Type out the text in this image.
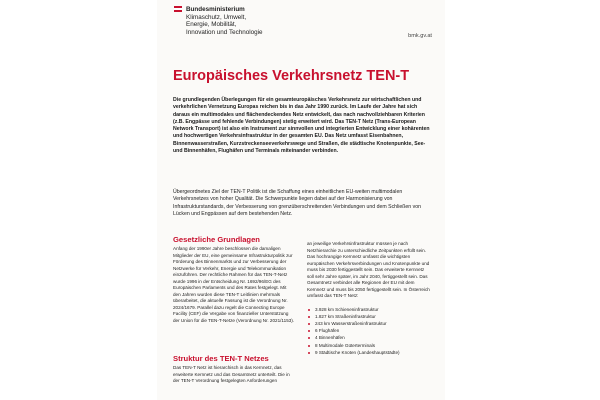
Bundesministerium
Klimaschutz, Umwelt,
Energie, Mobilität,
Innovation und Technologie
bmk.gv.at
Europäisches Verkehrsnetz TEN-T

Die grundlegenden Überlegungen für ein gesamteuropäisches Verkehrsnetz zur wirtschaftlichen und verkehrlichen Vernetzung Europas reichen bis in das Jahr 1990 zurück. Im Laufe der Jahre hat sich daraus ein multimodales und flächendeckendes Netz entwickelt, das nach nachvollziehbaren Kriterien (z.B. Engpässe und fehlende Verbindungen) stetig erweitert wird. Das TEN-T Netz (Trans-European Network Transport) ist also ein Instrument zur sinnvollen und integrierten Entwicklung einer kohärenten und hochwertigen Verkehrsinfrastruktur in der gesamten EU. Das Netz umfasst Eisenbahnen, Binnenwasserstraßen, Kurzstreckenseeverkehrswege und Straßen, die städtische Knotenpunkte, See- und Binnenhäfen, Flughäfen und Terminals miteinander verbinden.

Übergeordnetes Ziel der TEN-T Politik ist die Schaffung eines einheitlichen EU-weiten multimodalen Verkehrsnetzes von hoher Qualität. Die Schwerpunkte liegen dabei auf der Harmonisierung von Infrastrukturstandards, der Verbesserung von grenzüberschreitenden Verbindungen und dem Schließen von Lücken und Engpässen auf dem bestehenden Netz.

Gesetzliche Grundlagen

Anfang der 1990er Jahre beschlossen die damaligen Mitglieder der EU, eine gemeinsame Infrastrukturpolitik zur Förderung des Binnenmarkts und zur Verbesserung der Netzwerke für Verkehr, Energie und Telekommunikation einzuführen. Der rechtliche Rahmen für das TEN-T-Netz wurde 1996 in der Entscheidung Nr. 1692/96/EG des Europäischen Parlaments und des Rates festgelegt. Mit den Jahren wurden diese TEN-T Leitlinien mehrmals überarbeitet, die aktuelle Fassung ist die Verordnung Nr. 2024/1679. Parallel dazu regelt die Connecting Europe Facility (CEF) die Vergabe von finanzieller Unterstützung der Union für die TEN-T-Netze (Verordnung Nr. 2021/1153).

Struktur des TEN-T Netzes

Das TEN-T Netz ist hierarchisch in das Kernnetz, das erweiterte Kernnetz und das Gesamtnetz unterteilt. Die in der TEN-T Verordnung festgelegten Anforderungen

an jeweilige Verkehrsinfrastruktur müssen je nach Netzhierarchie zu unterschiedliche Zeitpunkten erfüllt sein. Das hochrangige Kernnetz umfasst die wichtigsten europäischen Verkehrsverbindungen und Knotenpunkte und muss bis 2030 fertiggestellt sein. Das erweiterte Kernnetz soll sehr Jahre später, im Jahr 2040, fertiggestellt sein. Das Gesamtnetz verbindet alle Regionen der EU mit dem Kernnetz und muss bis 2050 fertiggestellt sein. In Österreich umfasst das TEN-T Netz:

3.928 km Schieneninfrastruktur
1.827 km Straßeninfrastruktur
243 km Wasserstraßeninfrastruktur
6 Flughäfen
4 Binnenhäfen
8 Multimodale Güterterminals
9 Städtische Knoten (Landeshauptstädte)
